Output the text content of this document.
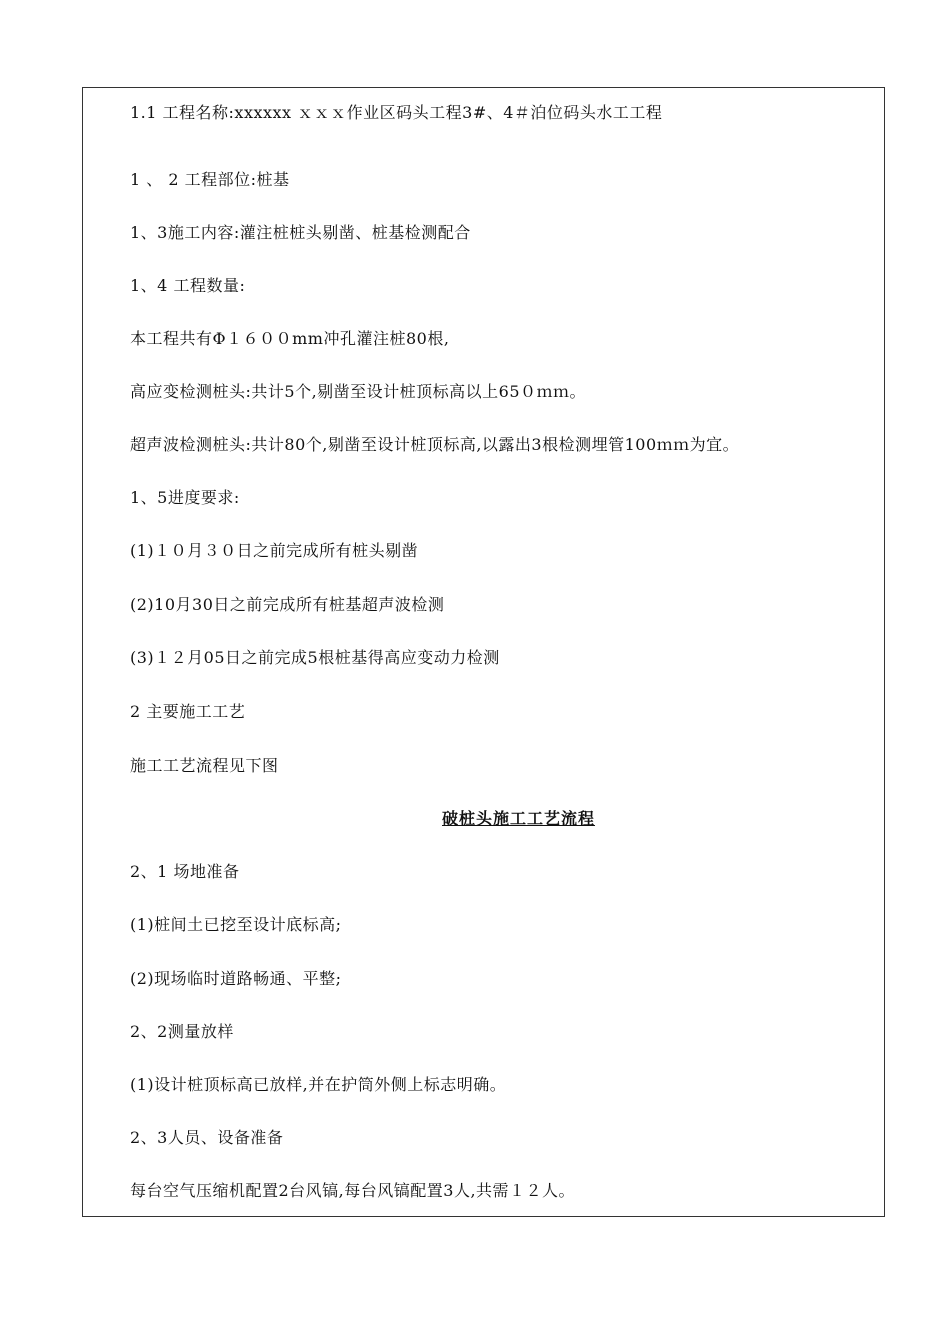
1.1 工程名称:xxxxxx ｘｘｘ作业区码头工程3#、4＃泊位码头水工工程
1 、 2 工程部位:桩基
1、3施工内容:灌注桩桩头剔凿、桩基检测配合
1、4 工程数量:
本工程共有Φ１６００mm冲孔灌注桩80根,
高应变检测桩头:共计5个,剔凿至设计桩顶标高以上65０ｍｍ。
超声波检测桩头:共计80个,剔凿至设计桩顶标高,以露出3根检测埋管100ｍｍ为宜。
1、5进度要求:
(1)１０月３０日之前完成所有桩头剔凿
(2)10月30日之前完成所有桩基超声波检测
(3)１２月05日之前完成5根桩基得高应变动力检测
2 主要施工工艺
施工工艺流程见下图
破桩头施工工艺流程
2、1 场地准备
(1)桩间土已挖至设计底标高;
(2)现场临时道路畅通、平整;
2、2测量放样
(1)设计桩顶标高已放样,并在护筒外侧上标志明确。
2、3人员、设备准备
每台空气压缩机配置2台风镐,每台风镐配置3人,共需１２人。
